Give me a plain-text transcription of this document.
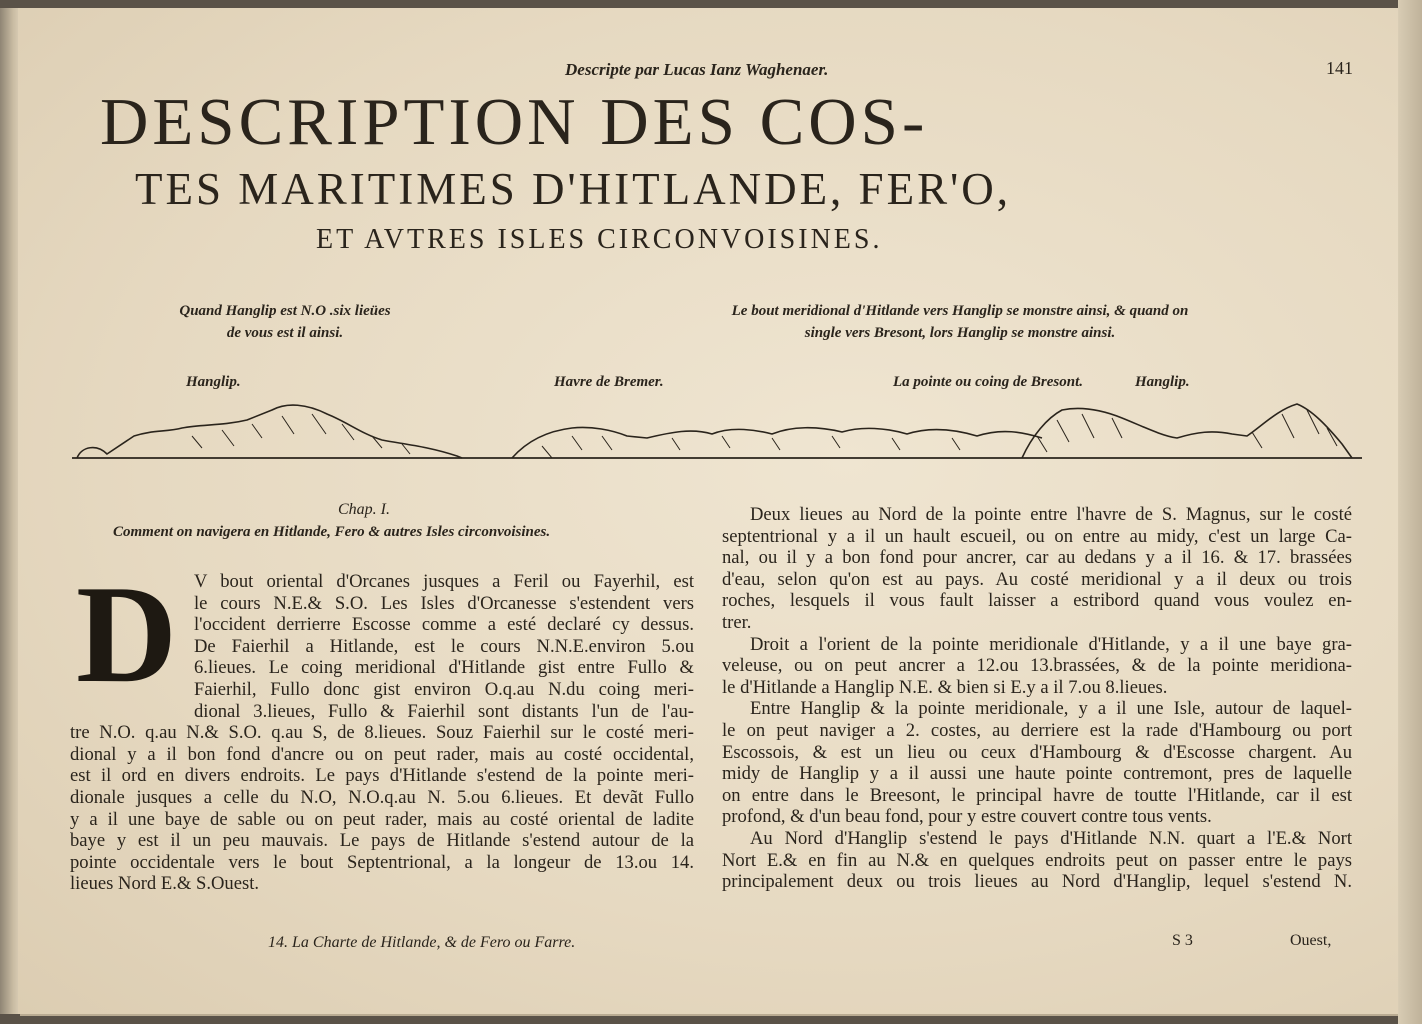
Descripte par Lucas Ianz Waghenaer.	141
DESCRIPTION DES COS-
TES MARITIMES D'HITLANDE, FER'O,
ET AVTRES ISLES CIRCONVOISINES.
Quand Hanglip est N.O .six lieües
de vous est il ainsi.
Le bout meridional d'Hitlande vers Hanglip se monstre ainsi, & quand on
single vers Bresont, lors Hanglip se monstre ainsi.
Hanglip.	Havre de Bremer.	La pointe ou coing de Bresont.	Hanglip.
Chap. I.
Comment on navigera en Hitlande, Fero & autres Isles circonvoisines.
D V bout oriental d'Orcanes jusques a Feril ou Fayerhil, est
le cours N.E.& S.O. Les Isles d'Orcanesse s'estendent vers
l'occident derrierre Escosse comme a esté declaré cy dessus.
De Faierhil a Hitlande, est le cours N.N.E.environ 5.ou
6.lieues. Le coing meridional d'Hitlande gist entre Fullo &
Faierhil, Fullo donc gist environ O.q.au N.du coing meri-
dional 3.lieues, Fullo & Faierhil sont distants l'un de l'au-
tre N.O. q.au N.& S.O. q.au S, de 8.lieues. Souz Faierhil sur le costé meri-
dional y a il bon fond d'ancre ou on peut rader, mais au costé occidental,
est il ord en divers endroits. Le pays d'Hitlande s'estend de la pointe meri-
dionale jusques a celle du N.O, N.O.q.au N. 5.ou 6.lieues. Et devãt Fullo
y a il une baye de sable ou on peut rader, mais au costé oriental de ladite
baye y est il un peu mauvais. Le pays de Hitlande s'estend autour de la
pointe occidentale vers le bout Septentrional, a la longeur de 13.ou 14.
lieues Nord E.& S.Ouest.
Deux lieues au Nord de la pointe entre l'havre de S. Magnus, sur le costé
septentrional y a il un hault escueil, ou on entre au midy, c'est un large Ca-
nal, ou il y a bon fond pour ancrer, car au dedans y a il 16. & 17. brassées
d'eau, selon qu'on est au pays. Au costé meridional y a il deux ou trois
roches, lesquels il vous fault laisser a estribord quand vous voulez en-
trer.
Droit a l'orient de la pointe meridionale d'Hitlande, y a il une baye gra-
veleuse, ou on peut ancrer a 12.ou 13.brassées, & de la pointe meridiona-
le d'Hitlande a Hanglip N.E. & bien si E.y a il 7.ou 8.lieues.
Entre Hanglip & la pointe meridionale, y a il une Isle, autour de laquel-
le on peut naviger a 2. costes, au derriere est la rade d'Hambourg ou port
Escossois, & est un lieu ou ceux d'Hambourg & d'Escosse chargent. Au
midy de Hanglip y a il aussi une haute pointe contremont, pres de laquelle
on entre dans le Breesont, le principal havre de toutte l'Hitlande, car il est
profond, & d'un beau fond, pour y estre couvert contre tous vents.
Au Nord d'Hanglip s'estend le pays d'Hitlande N.N. quart a l'E.& Nort
Nort E.& en fin au N.& en quelques endroits peut on passer entre le pays
principalement deux ou trois lieues au Nord d'Hanglip, lequel s'estend N.
14. La Charte de Hitlande, & de Fero ou Farre.	S 3	Ouest,
